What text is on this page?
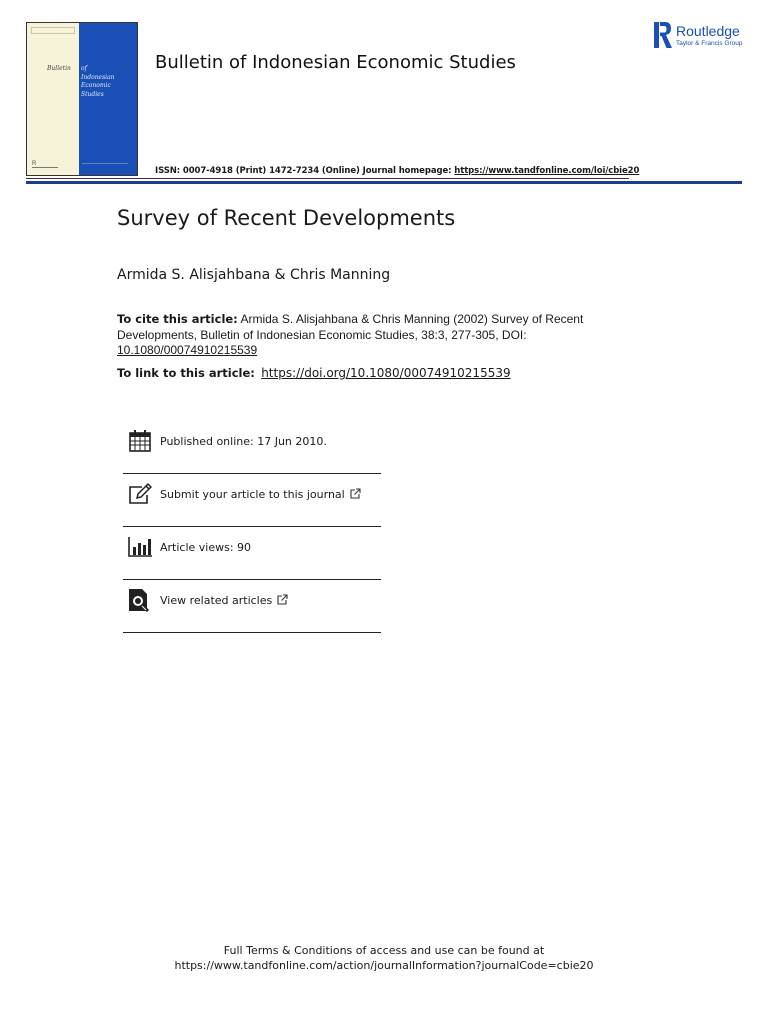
Bulletin
R
of
Indonesian
Economic
Studies
Bulletin of Indonesian Economic Studies
Routledge
Taylor & Francis Group
ISSN: 0007-4918 (Print) 1472-7234 (Online) Journal homepage: https://www.tandfonline.com/loi/cbie20
Survey of Recent Developments
Armida S. Alisjahbana & Chris Manning
To cite this article: Armida S. Alisjahbana & Chris Manning (2002) Survey of Recent Developments, Bulletin of Indonesian Economic Studies, 38:3, 277-305, DOI: 10.1080/00074910215539
To link to this article: https://doi.org/10.1080/00074910215539
Published online: 17 Jun 2010.
Submit your article to this journal
Article views: 90
View related articles
Full Terms & Conditions of access and use can be found at
https://www.tandfonline.com/action/journalInformation?journalCode=cbie20
